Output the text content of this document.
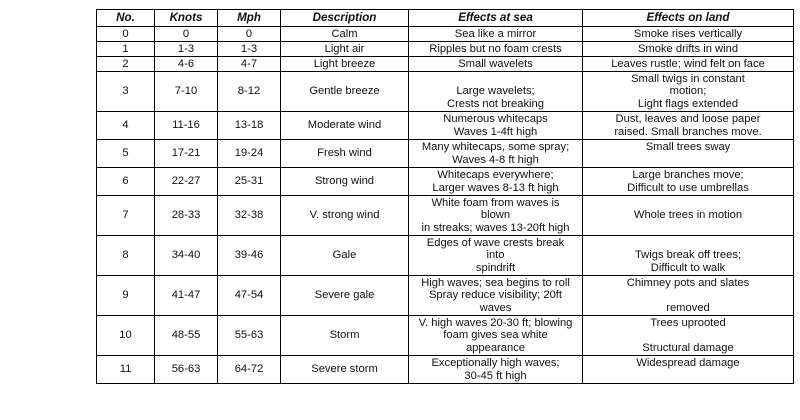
No.	Knots	Mph	Description	Effects at sea	Effects on land
0	0	0	Calm	Sea like a mirror	Smoke rises vertically

1	1-3	1-3	Light air	Ripples but no foam crests	Smoke drifts in wind

2	4-6	4-7	Light breeze	Small wavelets	Leaves rustle; wind felt on face

3	7-10	8-12	Gentle breeze	Large wavelets;
Crests not breaking	Small twigs in constant
motion;
Light flags extended

4	11-16	13-18	Moderate wind	Numerous whitecaps
Waves 1-4ft high	Dust, leaves and loose paper
raised. Small branches move.

5	17-21	19-24	Fresh wind	Many whitecaps, some spray;
Waves 4-8 ft high	Small trees sway

6	22-27	25-31	Strong wind	Whitecaps everywhere;
Larger waves 8-13 ft high	Large branches move;
Difficult to use umbrellas

7	28-33	32-38	V. strong wind	White foam from waves is
blown
in streaks; waves 13-20ft high	Whole trees in motion

8	34-40	39-46	Gale	Edges of wave crests break
into
spindrift	Twigs break off trees;
Difficult to walk

9	41-47	47-54	Severe gale	High waves; sea begins to roll
Spray reduce visibility; 20ft
waves	Chimney pots and slates
removed

10	48-55	55-63	Storm	V. high waves 20-30 ft; blowing
foam gives sea white
appearance	Trees uprooted
Structural damage

11	56-63	64-72	Severe storm	Exceptionally high waves;
30-45 ft high	Widespread damage
